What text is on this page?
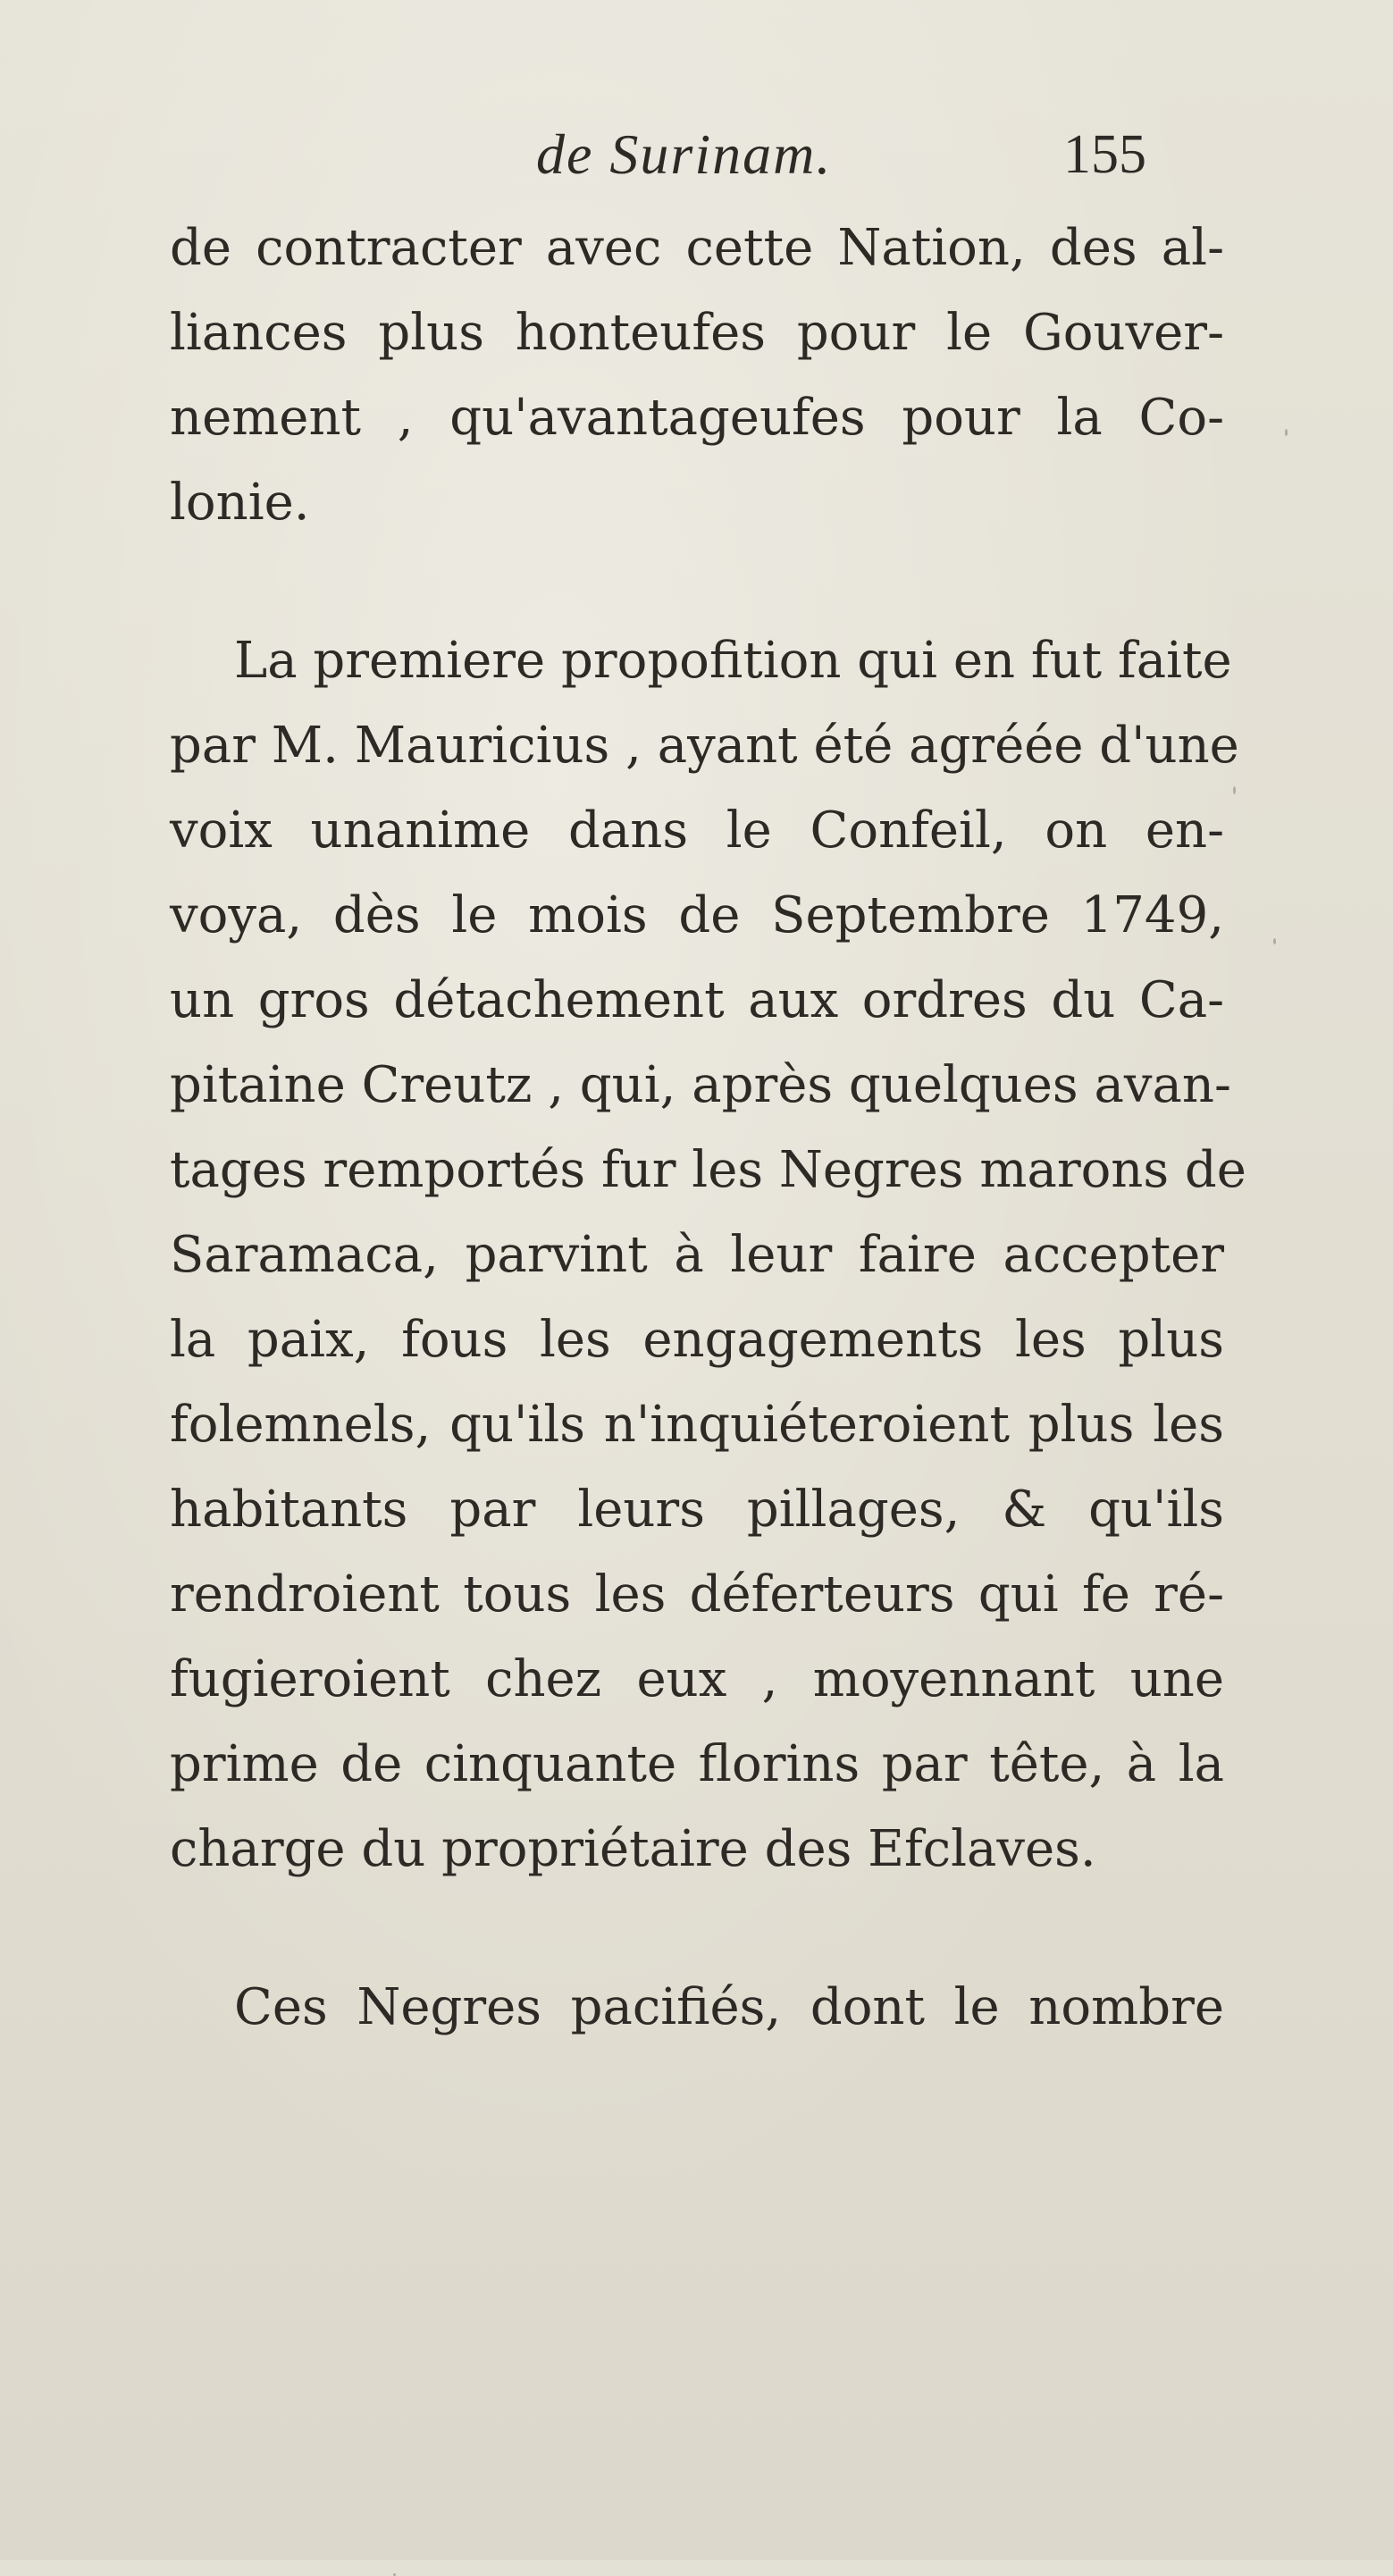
de Surinam.	155
de contracter avec cette Nation, des al-
liances plus honteufes pour le Gouver-
nement , qu'avantageufes pour la Co-
lonie.
La premiere propofition qui en fut faite
par M. Mauricius , ayant été agréée d'une
voix unanime dans le Confeil, on en-
voya, dès le mois de Septembre 1749,
un gros détachement aux ordres du Ca-
pitaine Creutz , qui, après quelques avan-
tages remportés fur les Negres marons de
Saramaca, parvint à leur faire accepter
la paix, fous les engagements les plus
folemnels, qu'ils n'inquiéteroient plus les
habitants par leurs pillages, & qu'ils
rendroient tous les déferteurs qui fe ré-
fugieroient chez eux , moyennant une
prime de cinquante florins par tête, à la
charge du propriétaire des Efclaves.
Ces Negres pacifiés, dont le nombre
